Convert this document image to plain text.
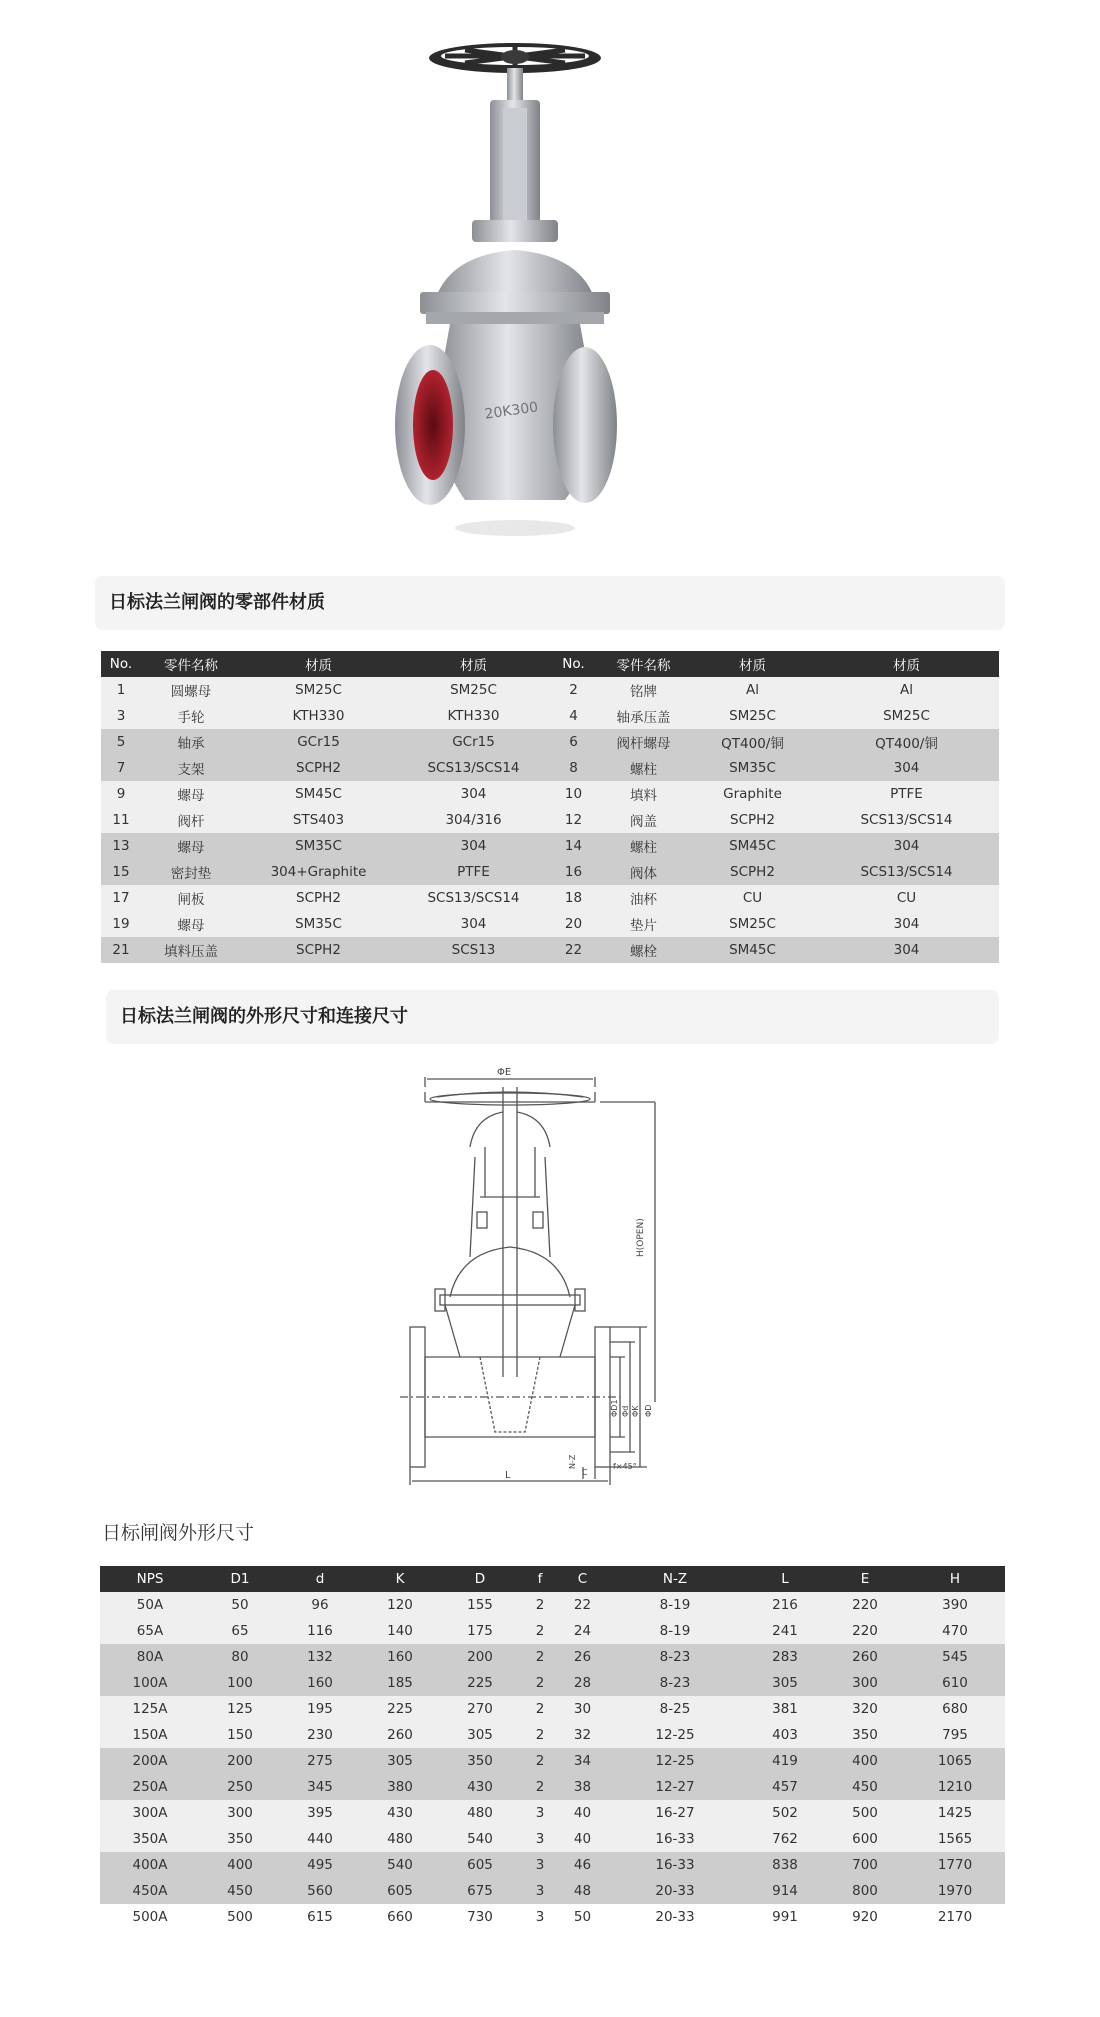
20K300
日标法兰闸阀的零部件材质
No.	零件名称	材质	材质	No.	零件名称	材质	材质
1	圆螺母	SM25C	SM25C	2	铭牌	Al	Al
3	手轮	KTH330	KTH330	4	轴承压盖	SM25C	SM25C
5	轴承	GCr15	GCr15	6	阀杆螺母	QT400/铜	QT400/铜
7	支架	SCPH2	SCS13/SCS14	8	螺柱	SM35C	304
9	螺母	SM45C	304	10	填料	Graphite	PTFE
11	阀杆	STS403	304/316	12	阀盖	SCPH2	SCS13/SCS14
13	螺母	SM35C	304	14	螺柱	SM45C	304
15	密封垫	304+Graphite	PTFE	16	阀体	SCPH2	SCS13/SCS14
17	闸板	SCPH2	SCS13/SCS14	18	油杯	CU	CU
19	螺母	SM35C	304	20	垫片	SM25C	304
21	填料压盖	SCPH2	SCS13	22	螺栓	SM45C	304
日标法兰闸阀的外形尺寸和连接尺寸
ΦE
H(OPEN)
ΦD1 Φd ΦK ΦD
N-Z
C
f×45°
L
日标闸阀外形尺寸
NPS	D1	d	K	D	f	C	N-Z	L	E	H
50A	50	96	120	155	2	22	8-19	216	220	390
65A	65	116	140	175	2	24	8-19	241	220	470
80A	80	132	160	200	2	26	8-23	283	260	545
100A	100	160	185	225	2	28	8-23	305	300	610
125A	125	195	225	270	2	30	8-25	381	320	680
150A	150	230	260	305	2	32	12-25	403	350	795
200A	200	275	305	350	2	34	12-25	419	400	1065
250A	250	345	380	430	2	38	12-27	457	450	1210
300A	300	395	430	480	3	40	16-27	502	500	1425
350A	350	440	480	540	3	40	16-33	762	600	1565
400A	400	495	540	605	3	46	16-33	838	700	1770
450A	450	560	605	675	3	48	20-33	914	800	1970
500A	500	615	660	730	3	50	20-33	991	920	2170
